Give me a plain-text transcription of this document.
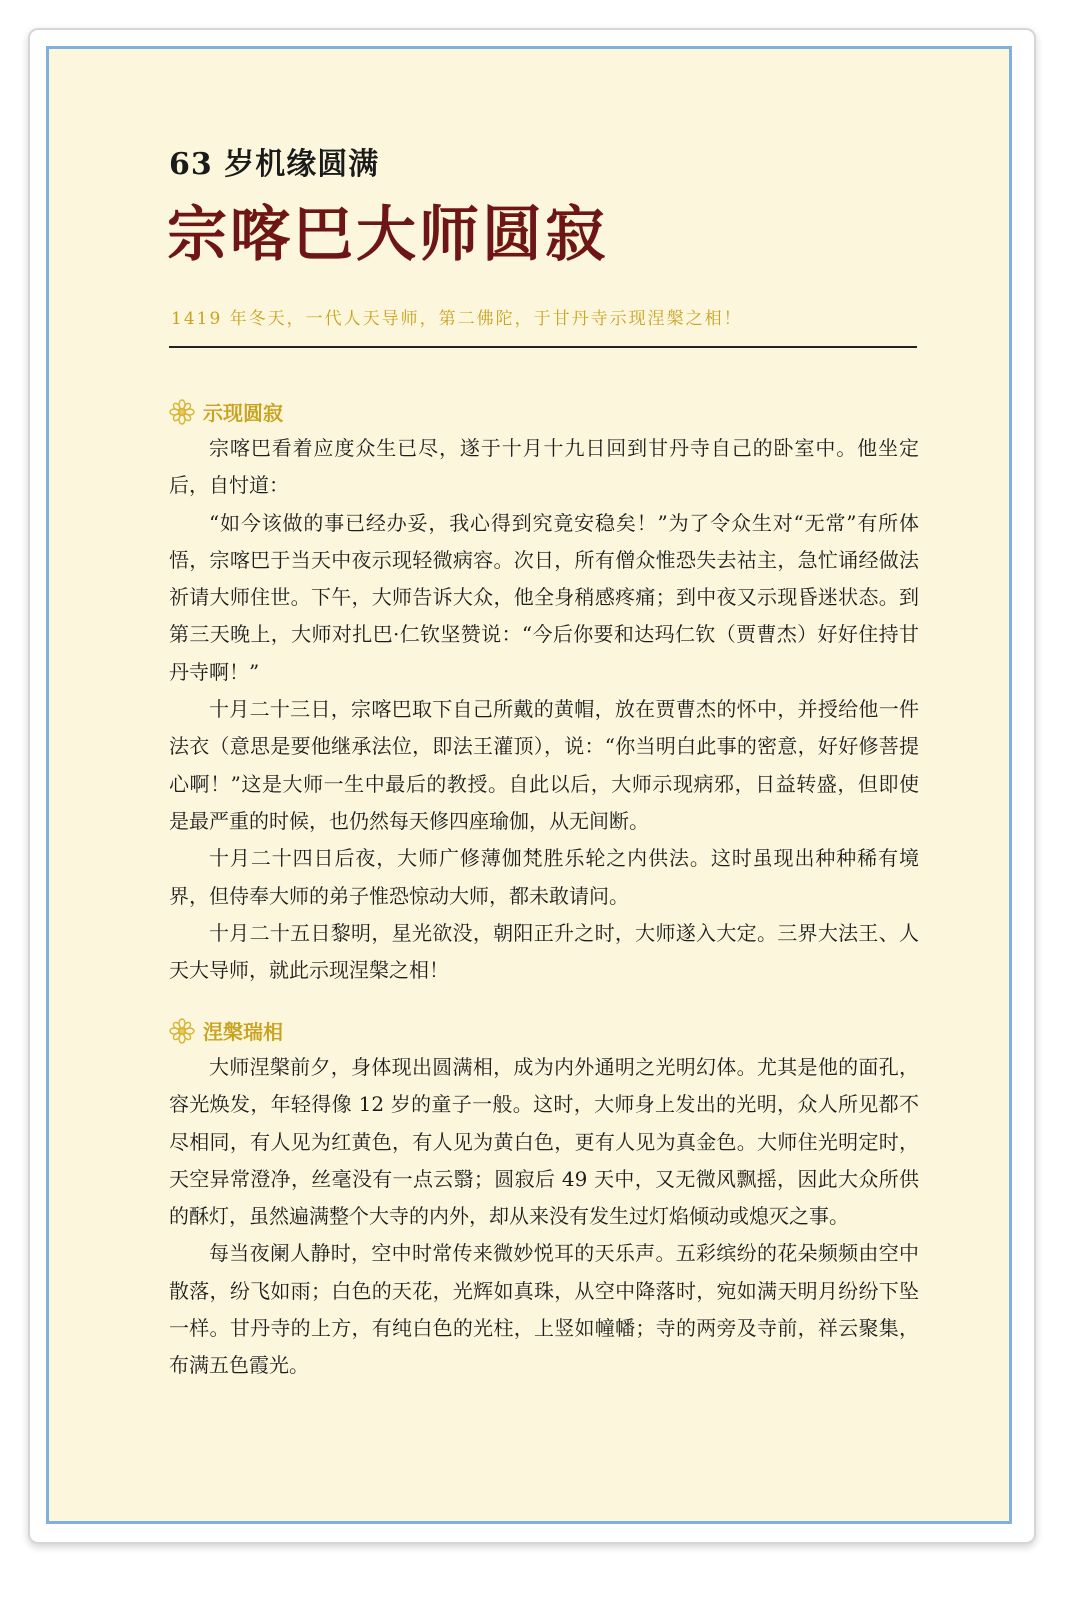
63 岁机缘圆满
宗喀巴大师圆寂
1419 年冬天，一代人天导师，第二佛陀，于甘丹寺示现涅槃之相！
示现圆寂

宗喀巴看着应度众生已尽，遂于十月十九日回到甘丹寺自己的卧室中。他坐定后，自忖道：

“如今该做的事已经办妥，我心得到究竟安稳矣！”为了令众生对“无常”有所体悟，宗喀巴于当天中夜示现轻微病容。次日，所有僧众惟恐失去祜主，急忙诵经做法祈请大师住世。下午，大师告诉大众，他全身稍感疼痛；到中夜又示现昏迷状态。到第三天晚上，大师对扎巴·仁钦坚赞说：“今后你要和达玛仁钦（贾曹杰）好好住持甘丹寺啊！”

十月二十三日，宗喀巴取下自己所戴的黄帽，放在贾曹杰的怀中，并授给他一件法衣（意思是要他继承法位，即法王灌顶），说：“你当明白此事的密意，好好修菩提心啊！”这是大师一生中最后的教授。自此以后，大师示现病邪，日益转盛，但即使是最严重的时候，也仍然每天修四座瑜伽，从无间断。

十月二十四日后夜，大师广修薄伽梵胜乐轮之内供法。这时虽现出种种稀有境界，但侍奉大师的弟子惟恐惊动大师，都未敢请问。

十月二十五日黎明，星光欲没，朝阳正升之时，大师遂入大定。三界大法王、人天大导师，就此示现涅槃之相！

涅槃瑞相

大师涅槃前夕，身体现出圆满相，成为内外通明之光明幻体。尤其是他的面孔，容光焕发，年轻得像 12 岁的童子一般。这时，大师身上发出的光明，众人所见都不尽相同，有人见为红黄色，有人见为黄白色，更有人见为真金色。大师住光明定时，天空异常澄净，丝毫没有一点云翳；圆寂后 49 天中，又无微风飘摇，因此大众所供的酥灯，虽然遍满整个大寺的内外，却从来没有发生过灯焰倾动或熄灭之事。

每当夜阑人静时，空中时常传来微妙悦耳的天乐声。五彩缤纷的花朵频频由空中散落，纷飞如雨；白色的天花，光辉如真珠，从空中降落时，宛如满天明月纷纷下坠一样。甘丹寺的上方，有纯白色的光柱，上竖如幢幡；寺的两旁及寺前，祥云聚集，布满五色霞光。
